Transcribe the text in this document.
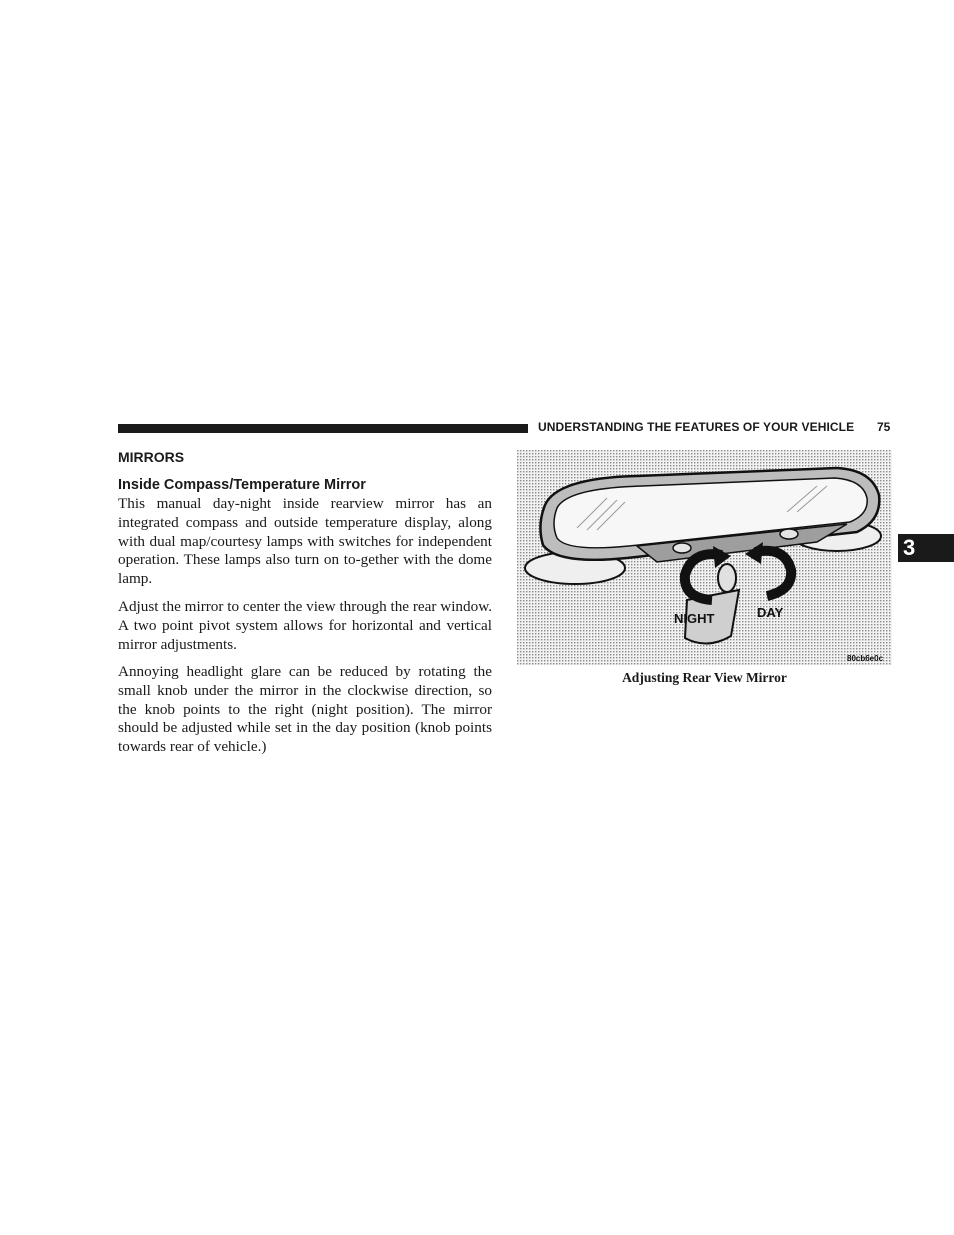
UNDERSTANDING THE FEATURES OF YOUR VEHICLE 75
3
MIRRORS
Inside Compass/Temperature Mirror

This manual day-night inside rearview mirror has an integrated compass and outside temperature display, along with dual map/courtesy lamps with switches for independent operation. These lamps also turn on to-gether with the dome lamp.

Adjust the mirror to center the view through the rear window. A two point pivot system allows for horizontal and vertical mirror adjustments.

Annoying headlight glare can be reduced by rotating the small knob under the mirror in the clockwise direction, so the knob points to the right (night position). The mirror should be adjusted while set in the day position (knob points towards rear of vehicle.)

NIGHT	DAY
80cb6e0c
Adjusting Rear View Mirror
